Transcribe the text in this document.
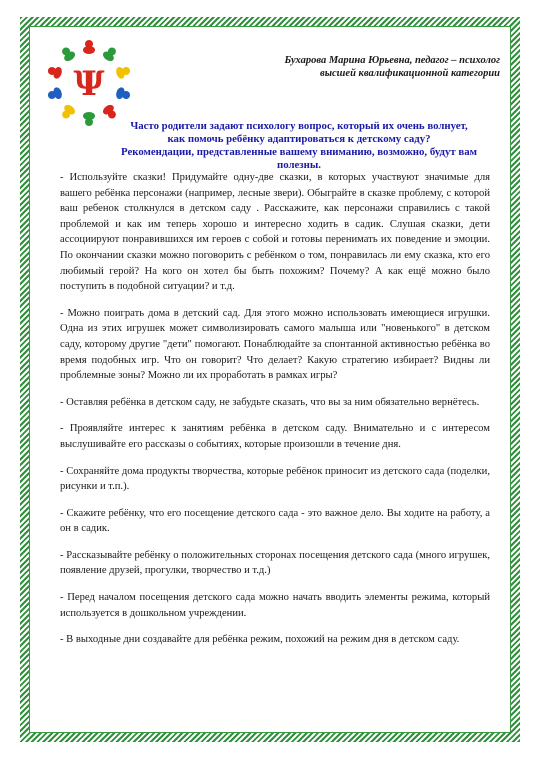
Ψ
Бухарова Марина Юрьевна, педагог – психолог
высшей квалификационной категории
Часто родители задают психологу вопрос, который их очень волнует,
как помочь ребёнку адаптироваться к детскому саду?
Рекомендации, представленные вашему вниманию, возможно, будут вам полезны.

- Используйте сказки! Придумайте одну-две сказки, в которых участвуют значимые для вашего ребёнка персонажи (например, лесные звери). Обыграйте в сказке проблему, с которой ваш ребенок столкнулся в детском саду . Расскажите, как персонажи справились с такой проблемой и как им теперь хорошо и интересно ходить в садик. Слушая сказки, дети ассоциируют понравившихся им героев с собой и готовы перенимать их поведение и эмоции. По окончании сказки можно поговорить с ребёнком о том, понравилась ли ему сказка, кто его любимый герой? На кого он хотел бы быть похожим? Почему? А как ещё можно было поступить в подобной ситуации? и т.д.

- Можно поиграть дома в детский сад. Для этого можно использовать имеющиеся игрушки. Одна из этих игрушек может символизировать самого малыша или "новенького" в детском саду, которому другие "дети" помогают. Понаблюдайте за спонтанной активностью ребёнка во время подобных игр. Что он говорит? Что делает? Какую стратегию избирает? Видны ли проблемные зоны? Можно ли их проработать в рамках игры?

- Оставляя ребёнка в детском саду, не забудьте сказать, что вы за ним обязательно вернётесь.

- Проявляйте интерес к занятиям ребёнка в детском саду. Внимательно и с интересом выслушивайте его рассказы о событиях, которые произошли в течение дня.

- Сохраняйте дома продукты творчества, которые ребёнок приносит из детского сада (поделки, рисунки и т.п.).

- Скажите ребёнку, что его посещение детского сада - это важное дело. Вы ходите на работу, а он в садик.

- Рассказывайте ребёнку о положительных сторонах посещения детского сада (много игрушек, появление друзей, прогулки, творчество и т.д.)

- Перед началом посещения детского сада можно начать вводить элементы режима, который используется в дошкольном учреждении.

- В выходные дни создавайте для ребёнка режим, похожий на режим дня в детском саду.
